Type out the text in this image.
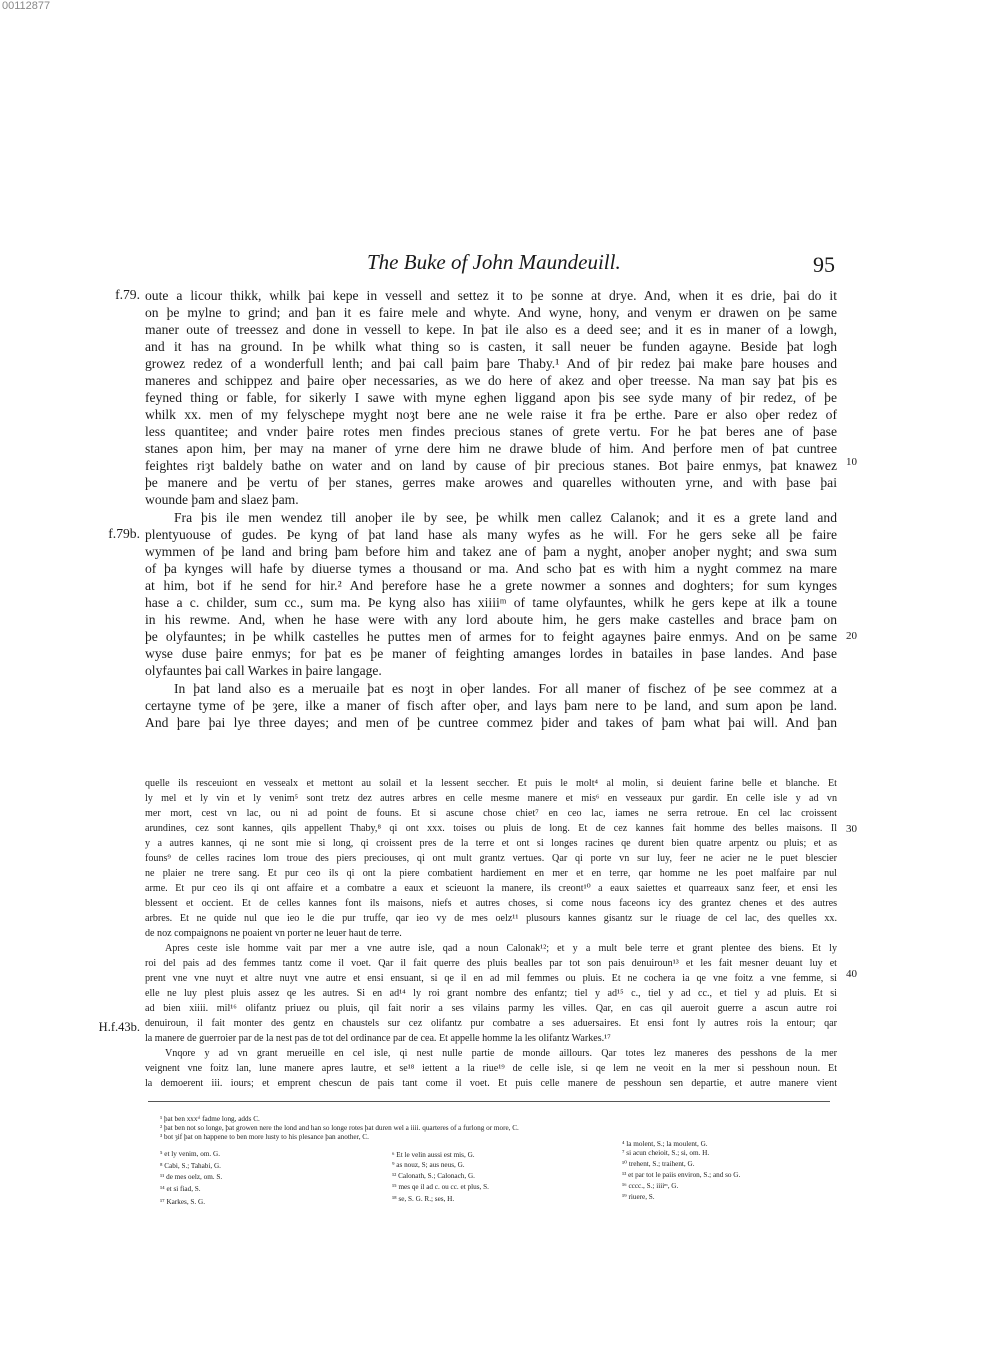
00112877
The Buke of John Maundeuill.	95
oute a licour thikk, whilk þai kepe in vessell and settez it to þe sonne at drye. And, when it es drie, þai do it
on þe mylne to grind; and þan it es faire mele and whyte. And wyne, hony, and venym er drawen on þe same
maner oute of treessez and done in vessell to kepe. In þat ile also es a deed see; and it es in maner of a lowgh,
and it has na ground. In þe whilk what thing so is casten, it sall neuer be funden agayne. Beside þat logh
growez redez of a wonderfull lenth; and þai call þaim þare Thaby.¹ And of þir redez þai make þare houses and
maneres and schippez and þaire oþer necessaries, as we do here of akez and oþer treesse. Na man say þat þis es
feyned thing or fable, for sikerly I sawe with myne eghen liggand apon þis see syde many of þir redez, of þe
whilk xx. men of my felyschepe myght noȝt bere ane ne wele raise it fra þe erthe. Þare er also oþer redez of
less quantitee; and vnder þaire rotes men findes precious stanes of grete vertu. For he þat beres ane of þase
stanes apon him, þer may na maner of yrne dere him ne drawe blude of him. And þerfore men of þat cuntree
feightes riȝt baldely bathe on water and on land by cause of þir precious stanes. Bot þaire enmys, þat knawez
þe manere and þe vertu of þer stanes, gerres make arowes and quarelles withouten yrne, and with þase þai
wounde þam and slaez þam.
Fra þis ile men wendez till anoþer ile by see, þe whilk men callez Calanok; and it es a grete land and
plentyuouse of gudes. Þe kyng of þat land hase als many wyfes as he will. For he gers seke all þe faire
wymmen of þe land and bring þam before him and takez ane of þam a nyght, anoþer anoþer nyght; and swa sum
of þa kynges will hafe by diuerse tymes a thousand or ma. And scho þat es with him a nyght commez na mare
at him, bot if he send for hir.² And þerefore hase he a grete nowmer a sonnes and doghters; for sum kynges
hase a c. childer, sum cc., sum ma. Þe kyng also has xiiiiᵐ of tame olyfauntes, whilk he gers kepe at ilk a toune
in his rewme. And, when he hase were with any lord aboute him, he gers make castelles and brace þam on
þe olyfauntes; in þe whilk castelles he puttes men of armes for to feight agaynes þaire enmys. And on þe same
wyse duse þaire enmys; for þat es þe maner of feighting amanges lordes in batailes in þase landes. And þase
olyfauntes þai call Warkes in þaire langage.
In þat land also es a meruaile þat es noȝt in oþer landes. For all maner of fischez of þe see commez at a
certayne tyme of þe ȝere, ilke a maner of fisch after oþer, and lays þam nere to þe land, and sum apon þe land.
And þare þai lye three dayes; and men of þe cuntree commez þider and takes of þam what þai will. And þan
f.79.
f.79b.
H.f.43b.
10
20
30
40
quelle ils resceuiont en vessealx et mettont au solail et la lessent seccher. Et puis le molt⁴ al molin, si deuient farine belle et blanche. Et
ly mel et ly vin et ly venim⁵ sont tretz dez autres arbres en celle mesme manere et mis⁶ en vesseaux pur gardir. En celle isle y ad vn
mer mort, cest vn lac, ou ni ad point de founs. Et si ascune chose chiet⁷ en ceo lac, iames ne serra retroue. En cel lac croissent
arundines, cez sont kannes, qils appellent Thaby,⁸ qi ont xxx. toises ou pluis de long. Et de cez kannes fait homme des belles maisons. Il
y a autres kannes, qi ne sont mie si long, qi croissent pres de la terre et ont si longes racines qe durent bien quatre arpentz ou pluis; et as
founs⁹ de celles racines lom troue des piers preciouses, qi ont mult grantz vertues. Qar qi porte vn sur luy, feer ne acier ne le puet blescier
ne plaier ne trere sang. Et pur ceo ils qi ont la piere combatient hardiement en mer et en terre, qar homme ne les poet malfaire par nul
arme. Et pur ceo ils qi ont affaire et a combatre a eaux et scieuont la manere, ils creont¹⁰ a eaux saiettes et quarreaux sanz feer, et ensi les
blessent et occient. Et de celles kannes font ils maisons, niefs et autres choses, si come nous faceons icy des grantez chenes et des autres
arbres. Et ne quide nul que ieo le die pur truffe, qar ieo vy de mes oelz¹¹ plusours kannes gisantz sur le riuage de cel lac, des quelles xx.
de noz compaignons ne poaient vn porter ne leuer haut de terre.
Apres ceste isle homme vait par mer a vne autre isle, qad a noun Calonak¹²; et y a mult bele terre et grant plentee des biens. Et ly
roi del pais ad des femmes tantz come il voet. Qar il fait querre des pluis bealles par tot son pais denuiroun¹³ et les fait mesner deuant luy et
prent vne vne nuyt et altre nuyt vne autre et ensi ensuant, si qe il en ad mil femmes ou pluis. Et ne cochera ia qe vne foitz a vne femme, si
elle ne luy plest pluis assez qe les autres. Si en ad¹⁴ ly roi grant nombre des enfantz; tiel y ad¹⁵ c., tiel y ad cc., et tiel y ad pluis. Et si
ad bien xiiii. mil¹⁶ olifantz priuez ou pluis, qil fait norir a ses vilains parmy les villes. Qar, en cas qil aueroit guerre a ascun autre roi
denuiroun, il fait monter des gentz en chaustels sur cez olifantz pur combatre a ses aduersaires. Et ensi font ly autres rois la entour; qar
la manere de guerroier par de la nest pas de tot del ordinance par de cea. Et appelle homme la les olifantz Warkes.¹⁷
Vnqore y ad vn grant merueille en cel isle, qi nest nulle partie de monde aillours. Qar totes lez maneres des pesshons de la mer
veignent vne foitz lan, lune manere apres lautre, et se¹⁸ iettent a la riue¹⁹ de celle isle, si qe lem ne veoit en la mer si pesshoun noun. Et
la demoerent iii. iours; et emprent chescun de pais tant come il voet. Et puis celle manere de pesshoun sen departie, et autre manere vient
¹ þat ben xxxᵗⁱ fadme long, adds C.
² þat ben not so longe, þat growen nere the lond and han so longe rotes þat duren wel a iiii. quarteres of a furlong or more, C.
³ bot ȝif þat on happene to ben more lusty to his plesance þan another, C.
⁴ la molent, S.; la moulent, G.
⁵ et ly venim, om. G.	⁶ Et le velin aussi est mis, G.	⁷ si acun cheioit, S.; si, om. H.
⁸ Cabi, S.; Tahabi, G.	⁹ as nouz, S; aus neus, G.	¹⁰ trehent, S.; traihent, G.
¹¹ de mes oelz, om. S.	¹² Calonath, S.; Calonach, G.	¹³ et par tot le paiis environ, S.; and so G.
¹⁴ et si fiad, S.	¹⁵ mes qe il ad c. ou cc. et plus, S.	¹⁶ cccc., S.; iiiiᵐ, G.
¹⁷ Karkes, S. G.	¹⁸ se, S. G. R.; ses, H.	¹⁹ riuere, S.
